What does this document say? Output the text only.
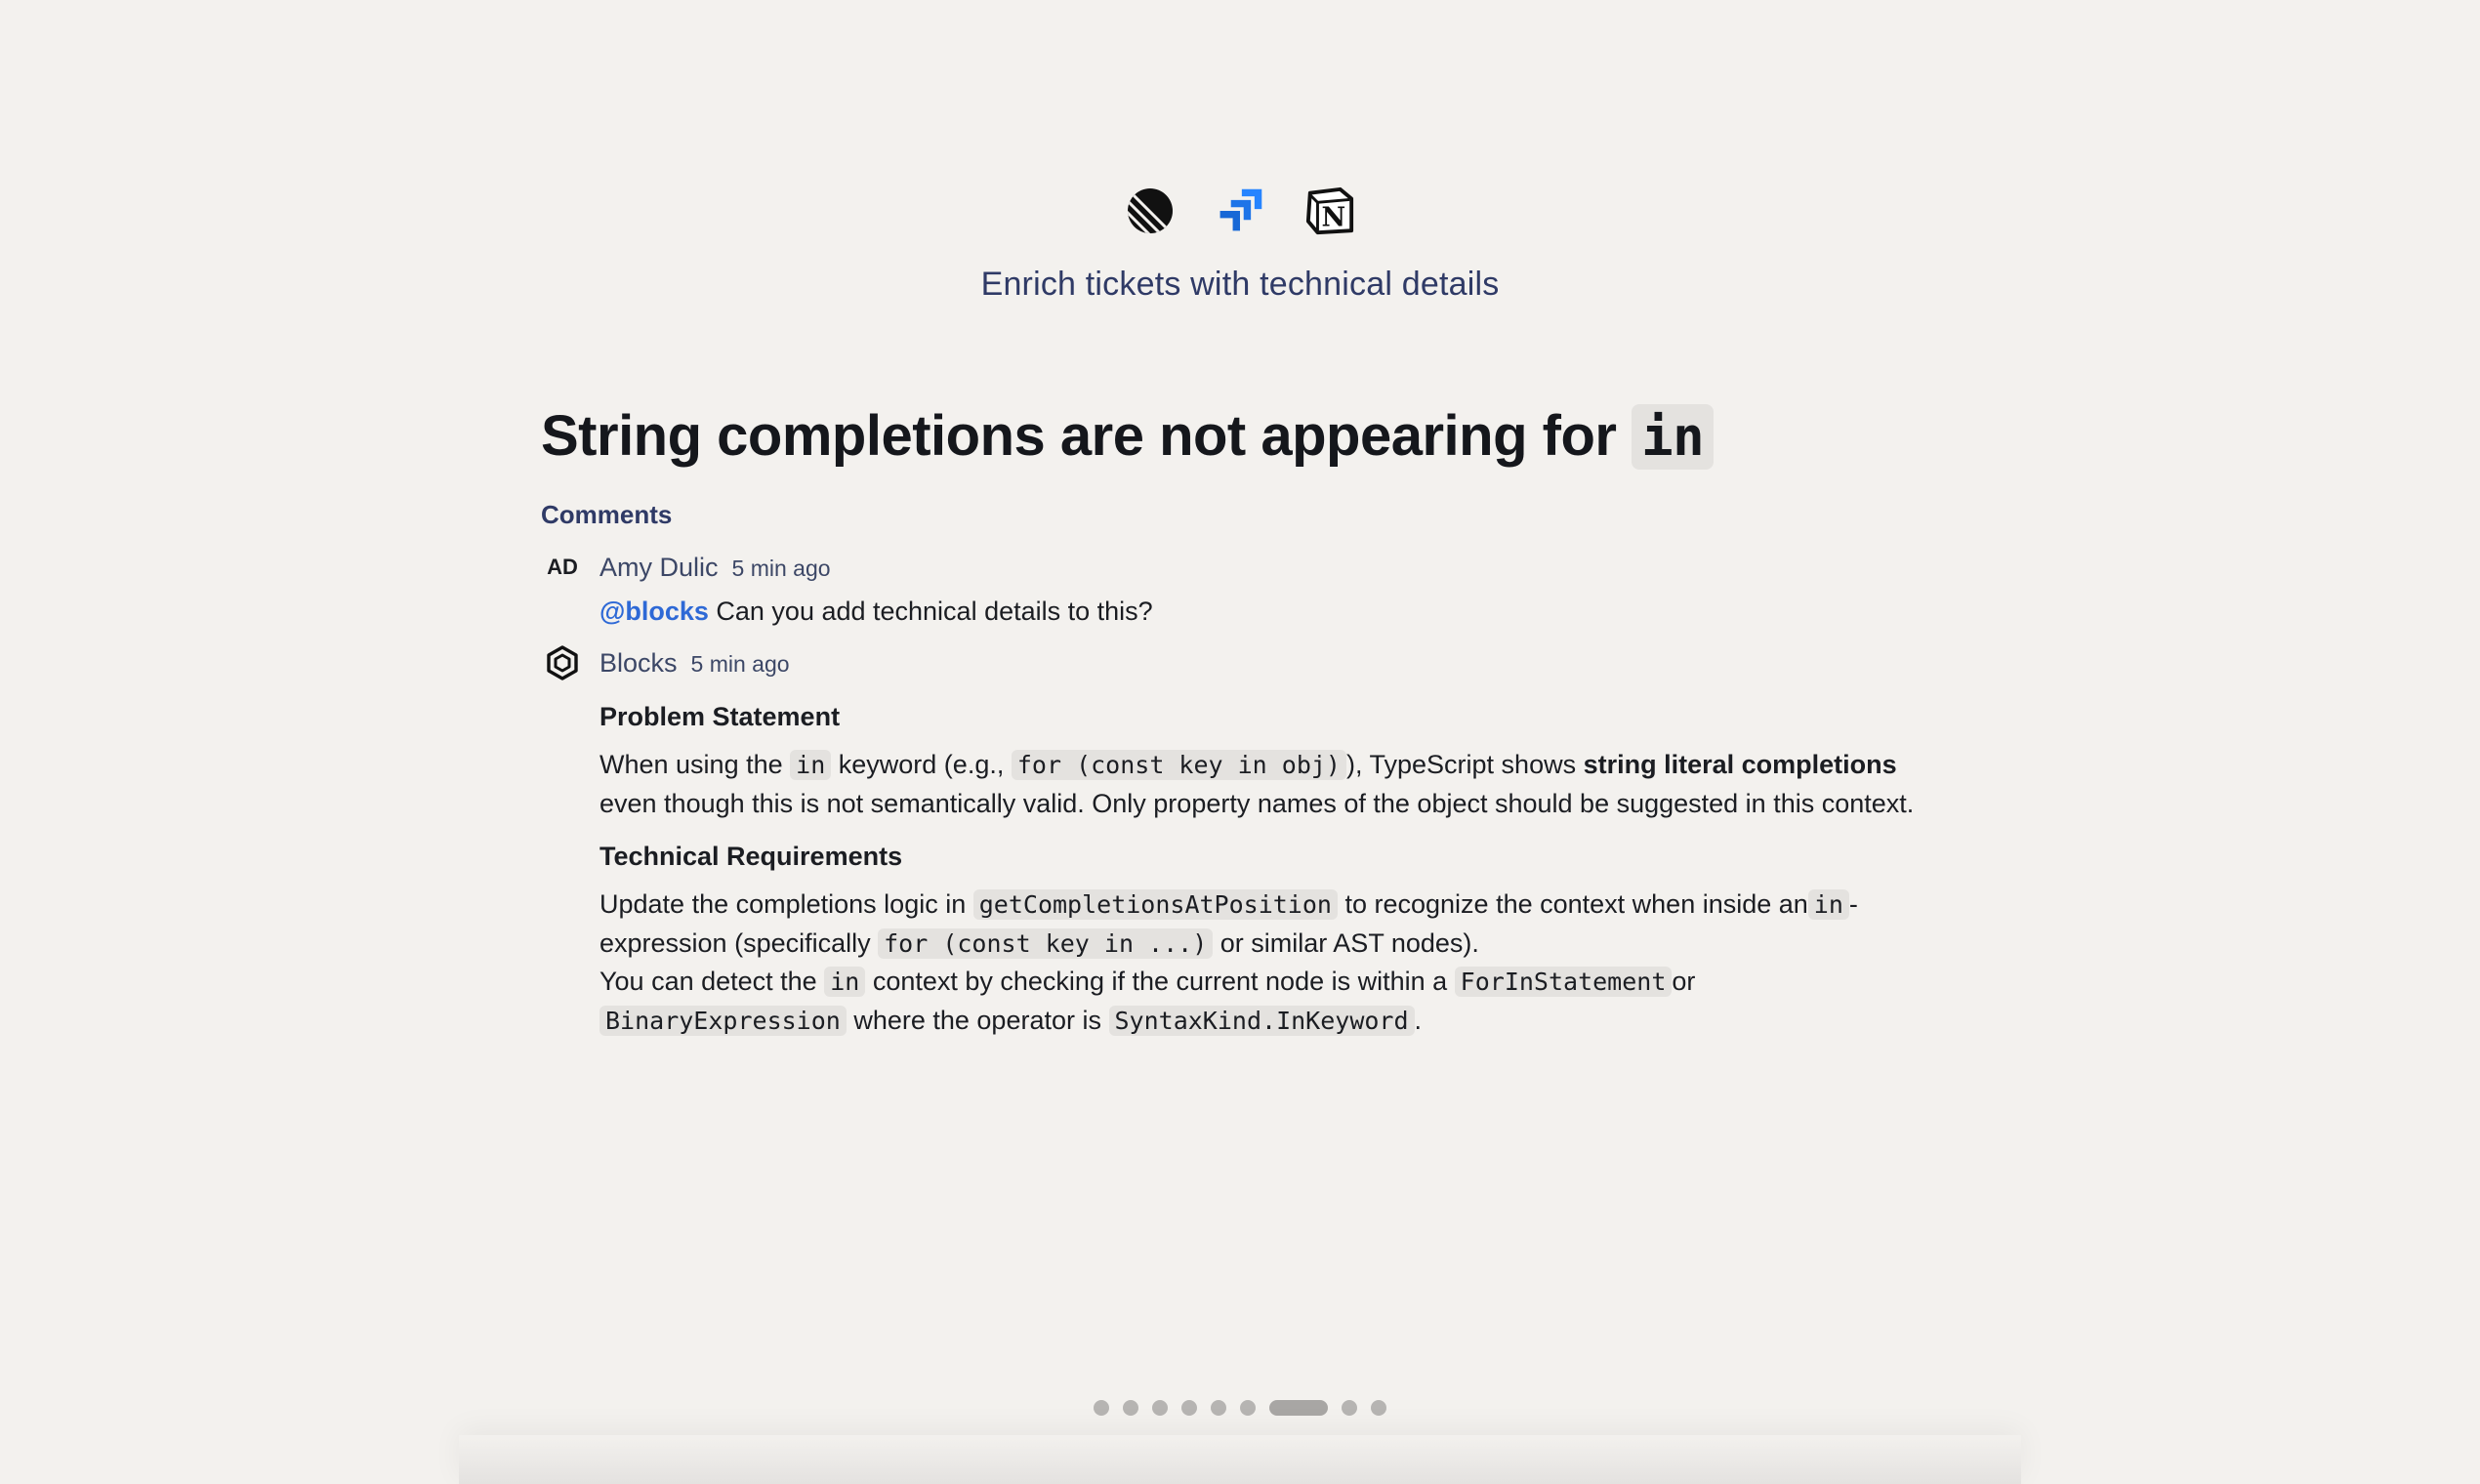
N
Enrich tickets with technical details
String completions are not appearing for in
Comments
AD Amy Dulic 5 min ago
@blocks Can you add technical details to this?
Blocks 5 min ago
Problem Statement

When using the in keyword (e.g., for (const key in obj) ), TypeScript shows string literal completions even though this is not semantically valid. Only property names of the object should be suggested in this context.

Technical Requirements

Update the completions logic in getCompletionsAtPosition to recognize the context when inside an in -expression (specifically for (const key in ...) or similar AST nodes).
You can detect the in context by checking if the current node is within a ForInStatement or BinaryExpression where the operator is SyntaxKind.InKeyword .
